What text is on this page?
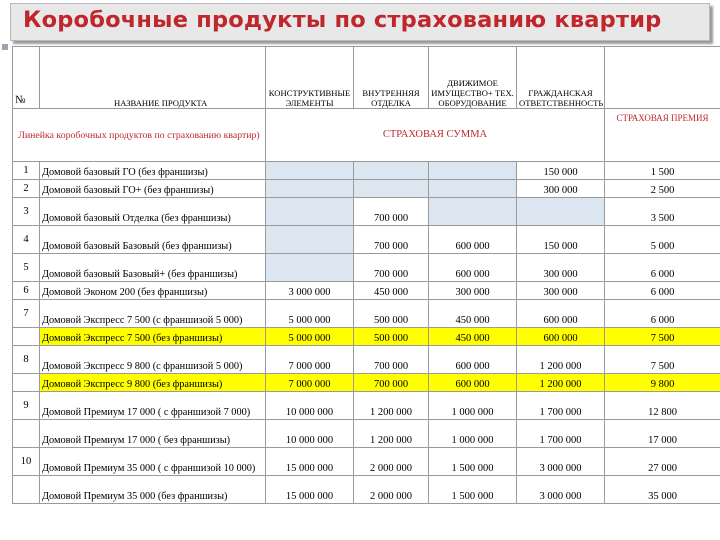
Коробочные продукты по страхованию квартир
№	НАЗВАНИЕ ПРОДУКТА	КОНСТРУКТИВНЫЕ ЭЛЕМЕНТЫ	ВНУТРЕННЯЯ ОТДЕЛКА	ДВИЖИМОЕ ИМУЩЕСТВО+ ТЕХ. ОБОРУДОВАНИЕ	ГРАЖДАНСКАЯ ОТВЕТСТВЕННОСТЬ	
Линейка коробочных продуктов по страхованию квартир)		СТРАХОВАЯ СУММА				СТРАХОВАЯ ПРЕМИЯ
1	Домовой базовый ГО (без франшизы)				150 000	1 500
2	Домовой базовый ГО+ (без франшизы)				300 000	2 500
3	Домовой базовый Отделка (без франшизы)		700 000			3 500
4	Домовой базовый Базовый (без франшизы)		700 000	600 000	150 000	5 000
5	Домовой базовый Базовый+ (без франшизы)		700 000	600 000	300 000	6 000
6	Домовой Эконом 200 (без франшизы)	3 000 000	450 000	300 000	300 000	6 000
7	Домовой Экспресс 7 500 (с франшизой 5 000)	5 000 000	500 000	450 000	600 000	6 000
	Домовой Экспресс 7 500 (без франшизы)	5 000 000	500 000	450 000	600 000	7 500
8	Домовой Экспресс 9 800 (с франшизой 5 000)	7 000 000	700 000	600 000	1 200 000	7 500
	Домовой Экспресс 9 800 (без франшизы)	7 000 000	700 000	600 000	1 200 000	9 800
9	Домовой Премиум 17 000 ( с франшизой 7 000)	10 000 000	1 200 000	1 000 000	1 700 000	12 800
	Домовой Премиум 17 000 ( без франшизы)	10 000 000	1 200 000	1 000 000	1 700 000	17 000
10	Домовой Премиум 35 000 ( с франшизой 10 000)	15 000 000	2 000 000	1 500 000	3 000 000	27 000
	Домовой Премиум 35 000 (без франшизы)	15 000 000	2 000 000	1 500 000	3 000 000	35 000
